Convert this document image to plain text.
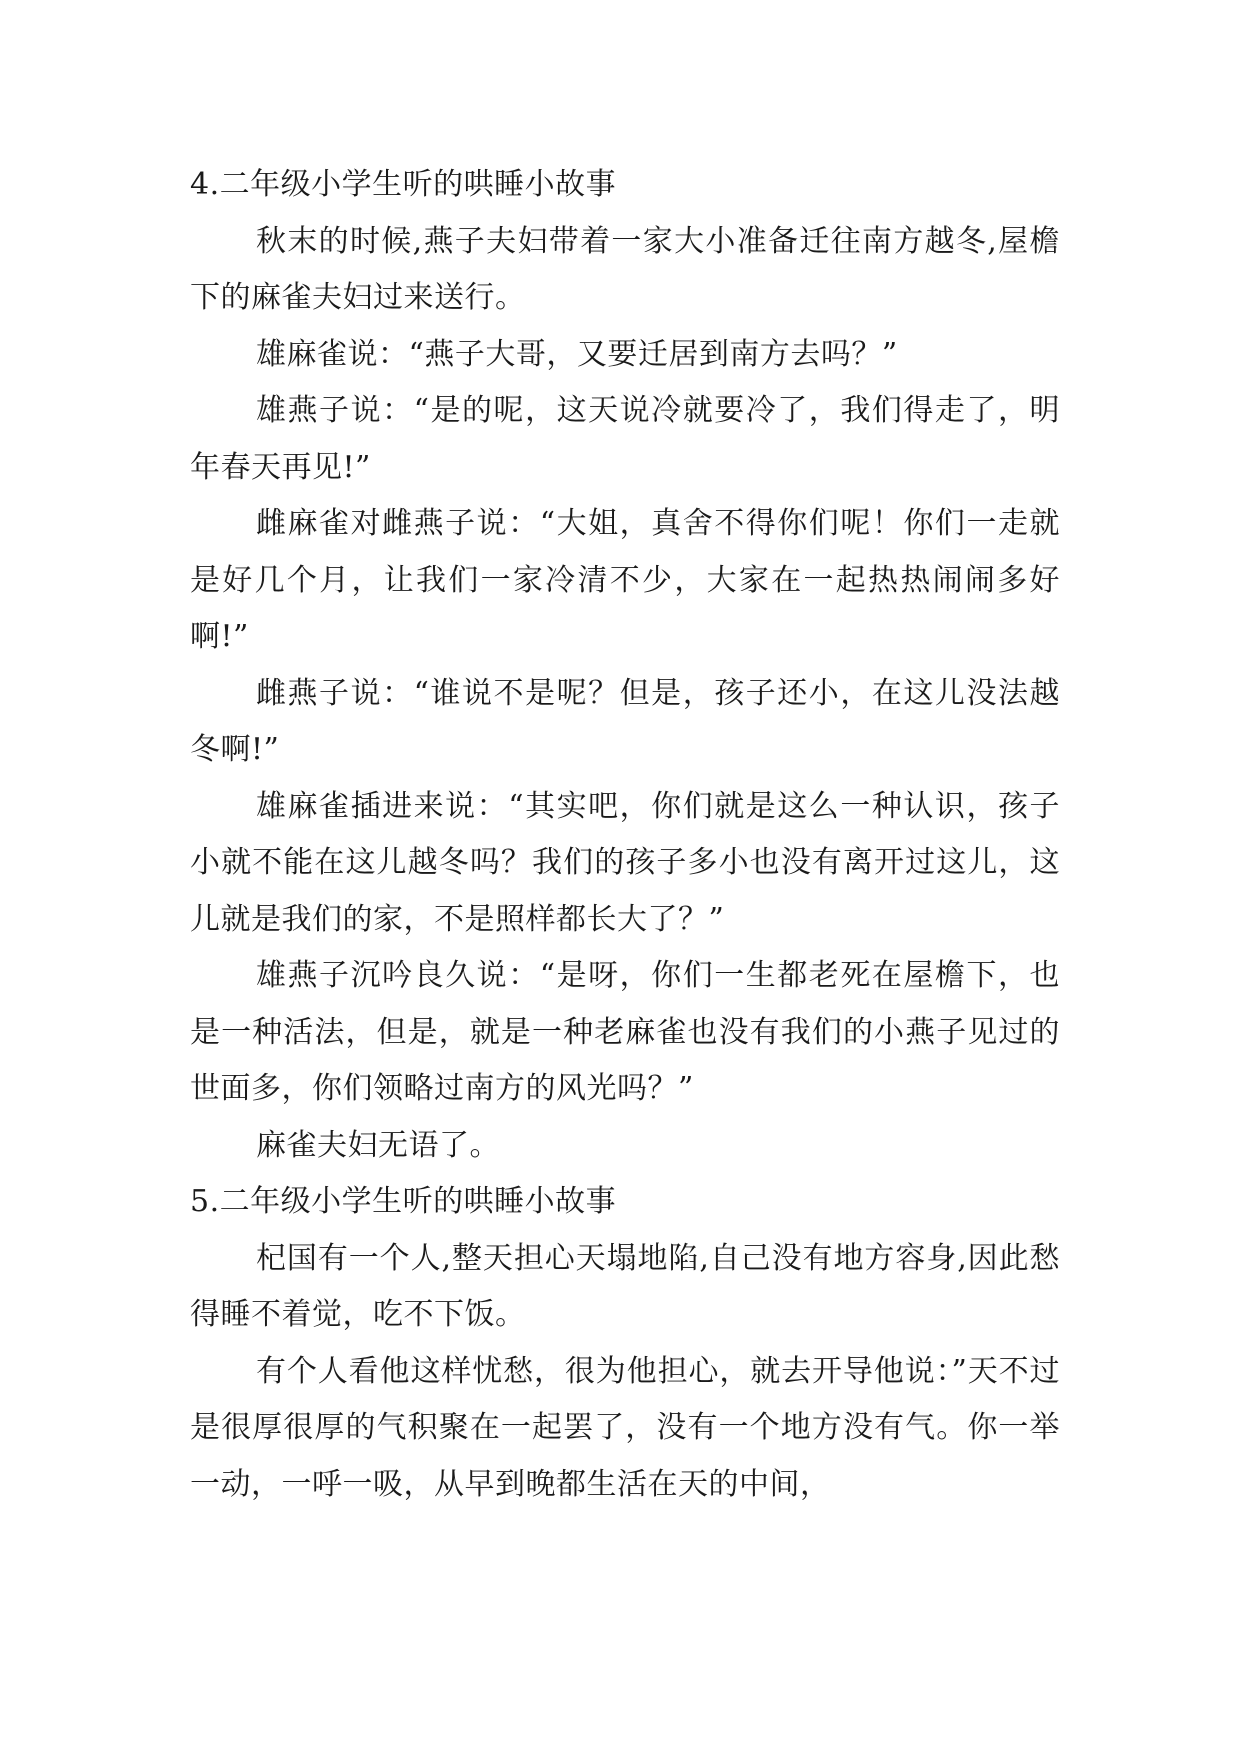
4.二年级小学生听的哄睡小故事

秋末的时候,燕子夫妇带着一家大小准备迁往南方越冬,屋檐下的麻雀夫妇过来送行。

雄麻雀说：“燕子大哥，又要迁居到南方去吗？”

雄燕子说：“是的呢，这天说冷就要冷了，我们得走了，明年春天再见!”

雌麻雀对雌燕子说：“大姐，真舍不得你们呢！你们一走就是好几个月，让我们一家冷清不少，大家在一起热热闹闹多好啊!”

雌燕子说：“谁说不是呢？但是，孩子还小，在这儿没法越冬啊!”

雄麻雀插进来说：“其实吧，你们就是这么一种认识，孩子小就不能在这儿越冬吗？我们的孩子多小也没有离开过这儿，这儿就是我们的家，不是照样都长大了？”

雄燕子沉吟良久说：“是呀，你们一生都老死在屋檐下，也是一种活法，但是，就是一种老麻雀也没有我们的小燕子见过的世面多，你们领略过南方的风光吗？”

麻雀夫妇无语了。

5.二年级小学生听的哄睡小故事

杞国有一个人,整天担心天塌地陷,自己没有地方容身,因此愁得睡不着觉，吃不下饭。

有个人看他这样忧愁，很为他担心，就去开导他说：”天不过是很厚很厚的气积聚在一起罢了，没有一个地方没有气。你一举一动，一呼一吸，从早到晚都生活在天的中间，
